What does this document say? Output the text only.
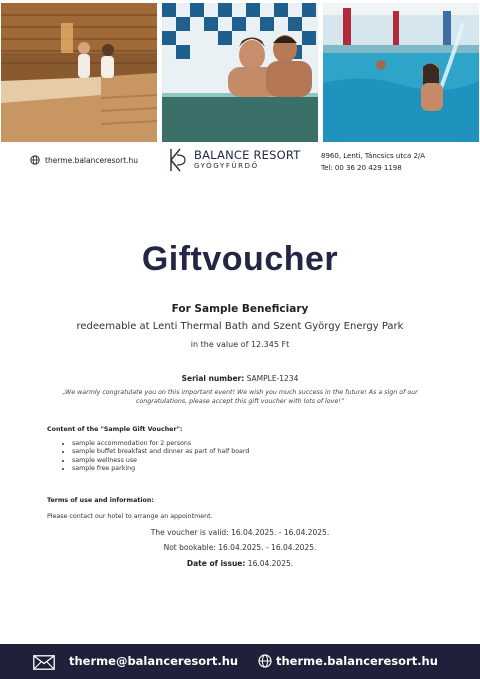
therme.balanceresort.hu	BALANCE RESORT
GYÓGYFÜRDŐ
8960, Lenti, Táncsics utca 2/A
Tel: 00 36 20 429 1198
Giftvoucher
For Sample Beneficiary
redeemable at Lenti Thermal Bath and Szent György Energy Park
in the value of 12.345 Ft
Serial number: SAMPLE-1234
„We warmly congratulate you on this important event! We wish you much success in the future! As a sign of our congratulations, please accept this gift voucher with lots of love!”
Content of the "Sample Gift Voucher":
• sample accommodation for 2 persons
• sample buffet breakfast and dinner as part of half board
• sample wellness use
• sample free parking
Terms of use and information:
Please contact our hotel to arrange an appointment.
The voucher is valid: 16.04.2025. - 16.04.2025.
Not bookable: 16.04.2025. - 16.04.2025.
Date of issue: 16.04.2025.
therme@balanceresort.hu	therme.balanceresort.hu
